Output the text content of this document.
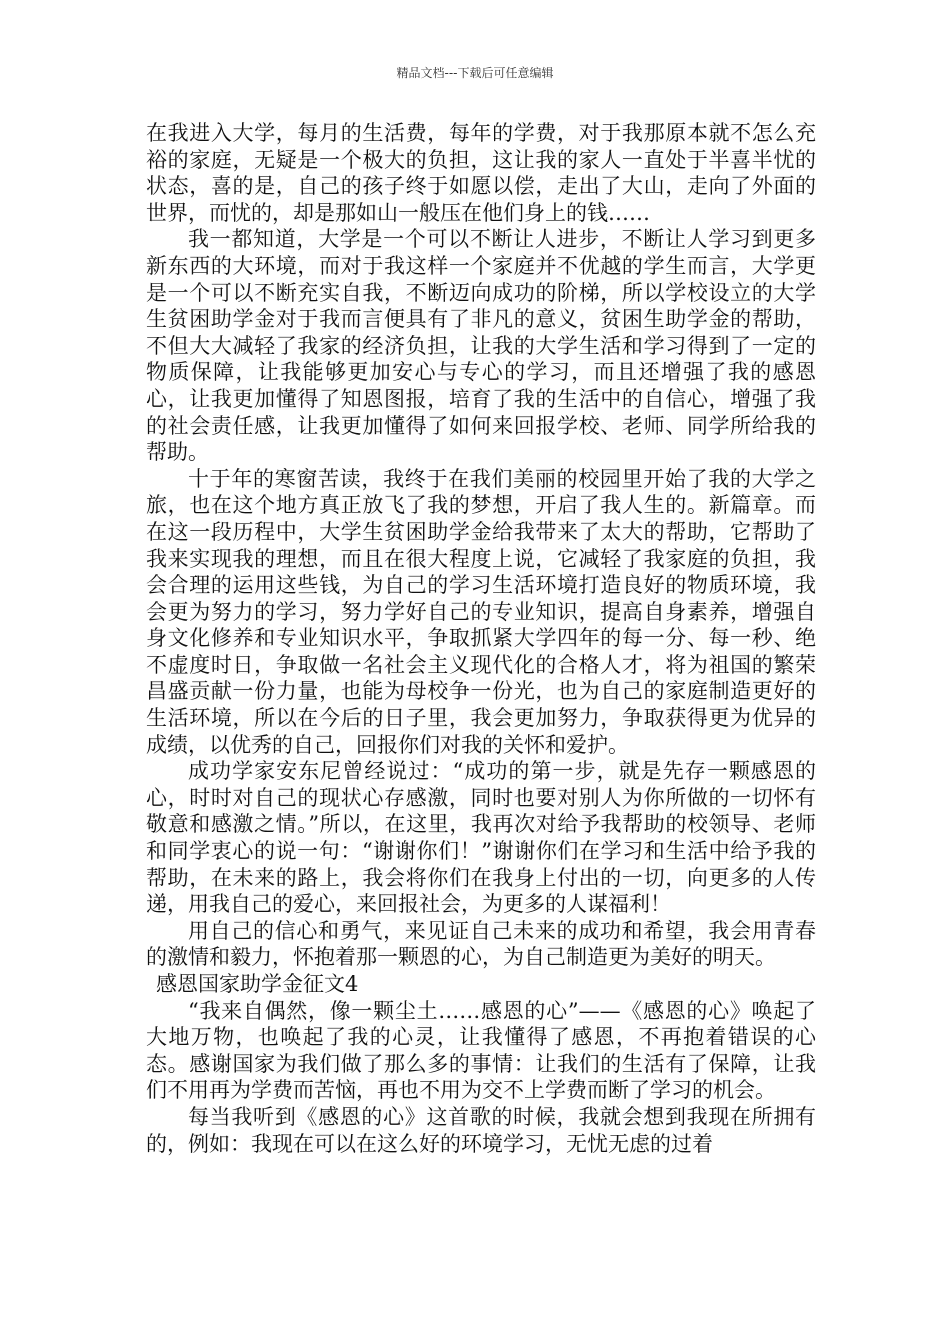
精品文档---下载后可任意编辑

在我进入大学，每月的生活费，每年的学费，对于我那原本就不怎么充裕的家庭，无疑是一个极大的负担，这让我的家人一直处于半喜半忧的状态，喜的是，自己的孩子终于如愿以偿，走出了大山，走向了外面的世界，而忧的，却是那如山一般压在他们身上的钱……

我一都知道，大学是一个可以不断让人进步，不断让人学习到更多新东西的大环境，而对于我这样一个家庭并不优越的学生而言，大学更是一个可以不断充实自我，不断迈向成功的阶梯，所以学校设立的大学生贫困助学金对于我而言便具有了非凡的意义，贫困生助学金的帮助，不但大大减轻了我家的经济负担，让我的大学生活和学习得到了一定的物质保障，让我能够更加安心与专心的学习，而且还增强了我的感恩心，让我更加懂得了知恩图报，培育了我的生活中的自信心，增强了我的社会责任感，让我更加懂得了如何来回报学校、老师、同学所给我的帮助。

十于年的寒窗苦读，我终于在我们美丽的校园里开始了我的大学之旅，也在这个地方真正放飞了我的梦想，开启了我人生的。新篇章。而在这一段历程中，大学生贫困助学金给我带来了太大的帮助，它帮助了我来实现我的理想，而且在很大程度上说，它减轻了我家庭的负担，我会合理的运用这些钱，为自己的学习生活环境打造良好的物质环境，我会更为努力的学习，努力学好自己的专业知识，提高自身素养，增强自身文化修养和专业知识水平，争取抓紧大学四年的每一分、每一秒、绝不虚度时日，争取做一名社会主义现代化的合格人才，将为祖国的繁荣昌盛贡献一份力量，也能为母校争一份光，也为自己的家庭制造更好的生活环境，所以在今后的日子里，我会更加努力，争取获得更为优异的成绩，以优秀的自己，回报你们对我的关怀和爱护。

成功学家安东尼曾经说过：“成功的第一步，就是先存一颗感恩的心，时时对自己的现状心存感激，同时也要对别人为你所做的一切怀有敬意和感激之情。”所以，在这里，我再次对给予我帮助的校领导、老师和同学衷心的说一句：“谢谢你们！”谢谢你们在学习和生活中给予我的帮助，在未来的路上，我会将你们在我身上付出的一切，向更多的人传递，用我自己的爱心，来回报社会，为更多的人谋福利！

用自己的信心和勇气，来见证自己未来的成功和希望，我会用青春的激情和毅力，怀抱着那一颗恩的心，为自己制造更为美好的明天。

感恩国家助学金征文4

“我来自偶然，像一颗尘土……感恩的心”——《感恩的心》唤起了大地万物，也唤起了我的心灵，让我懂得了感恩，不再抱着错误的心态。感谢国家为我们做了那么多的事情：让我们的生活有了保障，让我们不用再为学费而苦恼，再也不用为交不上学费而断了学习的机会。

每当我听到《感恩的心》这首歌的时候，我就会想到我现在所拥有的，例如：我现在可以在这么好的环境学习，无忧无虑的过着
